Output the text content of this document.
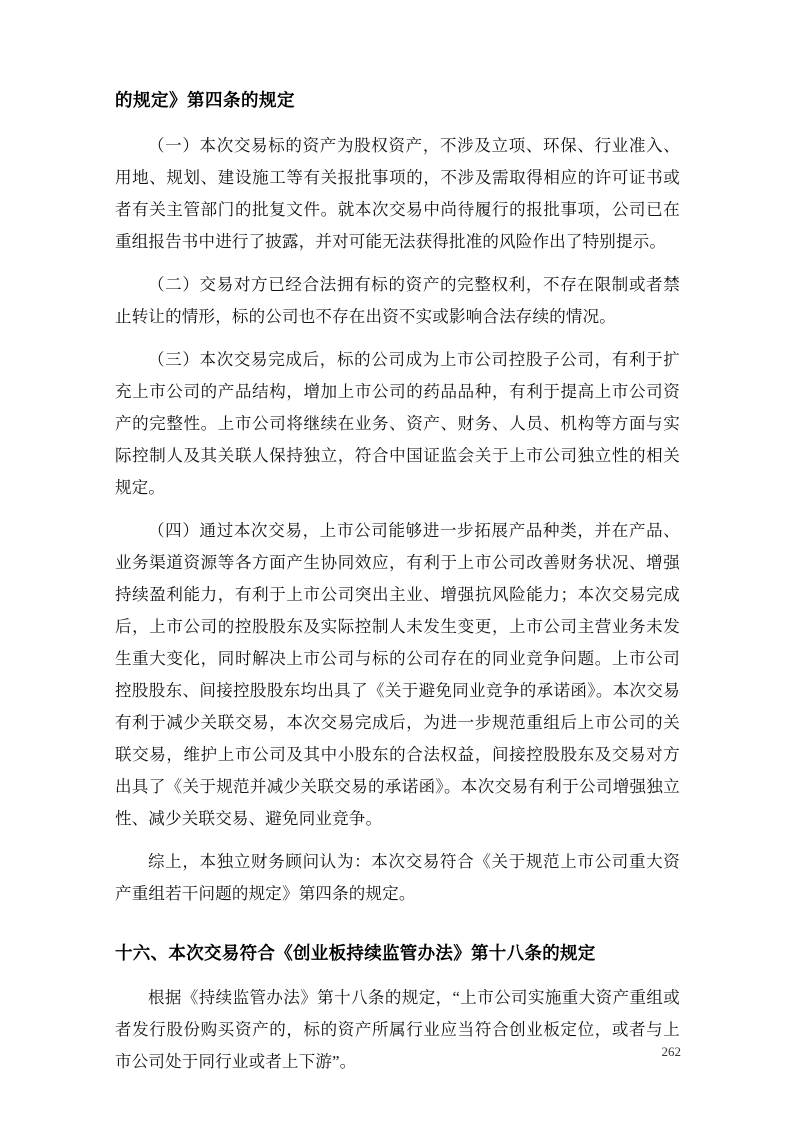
的规定》第四条的规定

（一）本次交易标的资产为股权资产，不涉及立项、环保、行业准入、用地、规划、建设施工等有关报批事项的，不涉及需取得相应的许可证书或者有关主管部门的批复文件。就本次交易中尚待履行的报批事项，公司已在重组报告书中进行了披露，并对可能无法获得批准的风险作出了特别提示。

（二）交易对方已经合法拥有标的资产的完整权利，不存在限制或者禁止转让的情形，标的公司也不存在出资不实或影响合法存续的情况。

（三）本次交易完成后，标的公司成为上市公司控股子公司，有利于扩充上市公司的产品结构，增加上市公司的药品品种，有利于提高上市公司资产的完整性。上市公司将继续在业务、资产、财务、人员、机构等方面与实际控制人及其关联人保持独立，符合中国证监会关于上市公司独立性的相关规定。

（四）通过本次交易，上市公司能够进一步拓展产品种类，并在产品、业务渠道资源等各方面产生协同效应，有利于上市公司改善财务状况、增强持续盈利能力，有利于上市公司突出主业、增强抗风险能力；本次交易完成后，上市公司的控股股东及实际控制人未发生变更，上市公司主营业务未发生重大变化，同时解决上市公司与标的公司存在的同业竞争问题。上市公司控股股东、间接控股股东均出具了《关于避免同业竞争的承诺函》。本次交易有利于减少关联交易，本次交易完成后，为进一步规范重组后上市公司的关联交易，维护上市公司及其中小股东的合法权益，间接控股股东及交易对方出具了《关于规范并减少关联交易的承诺函》。本次交易有利于公司增强独立性、减少关联交易、避免同业竞争。

综上，本独立财务顾问认为：本次交易符合《关于规范上市公司重大资产重组若干问题的规定》第四条的规定。

十六、本次交易符合《创业板持续监管办法》第十八条的规定

根据《持续监管办法》第十八条的规定，“上市公司实施重大资产重组或者发行股份购买资产的，标的资产所属行业应当符合创业板定位，或者与上市公司处于同行业或者上下游”。

262
